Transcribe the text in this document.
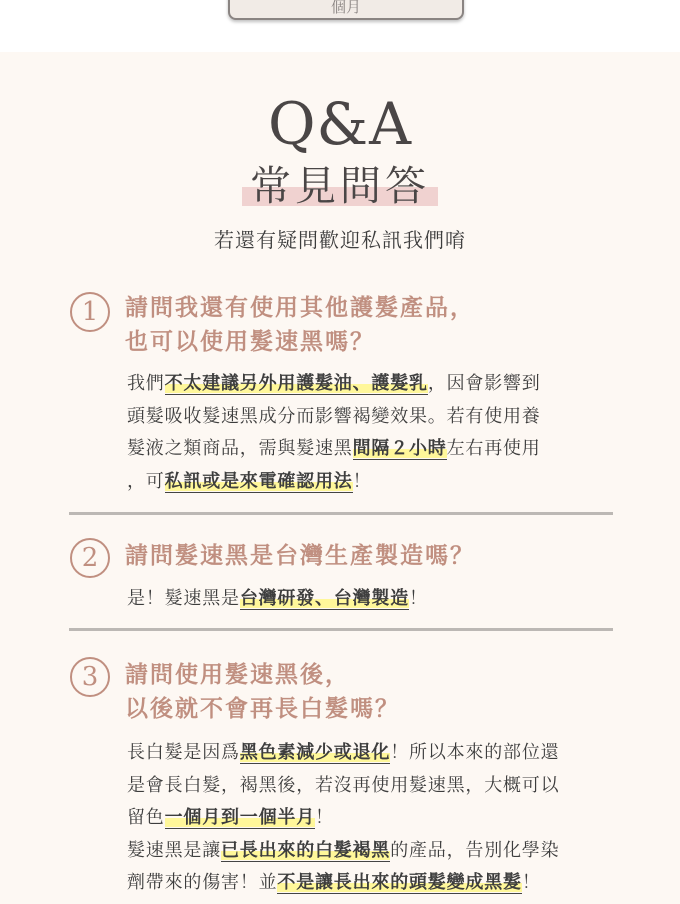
個月
Q&A
常見問答
若還有疑問歡迎私訊我們唷
1	請問我還有使用其他護髮產品，
也可以使用髮速黑嗎？
我們不太建議另外用護髮油、護髮乳，因會影響到
頭髮吸收髮速黑成分而影響褐變效果。若有使用養
髮液之類商品，需與髮速黑間隔２小時左右再使用
，可私訊或是來電確認用法！
2	請問髮速黑是台灣生產製造嗎？
是！髮速黑是台灣研發、台灣製造！
3	請問使用髮速黑後，
以後就不會再長白髮嗎？
長白髮是因爲黑色素減少或退化！所以本來的部位還
是會長白髮，褐黑後，若沒再使用髮速黑，大概可以
留色一個月到一個半月！
髮速黑是讓已長出來的白髮褐黑的產品，告別化學染
劑帶來的傷害！並不是讓長出來的頭髮變成黑髮！
